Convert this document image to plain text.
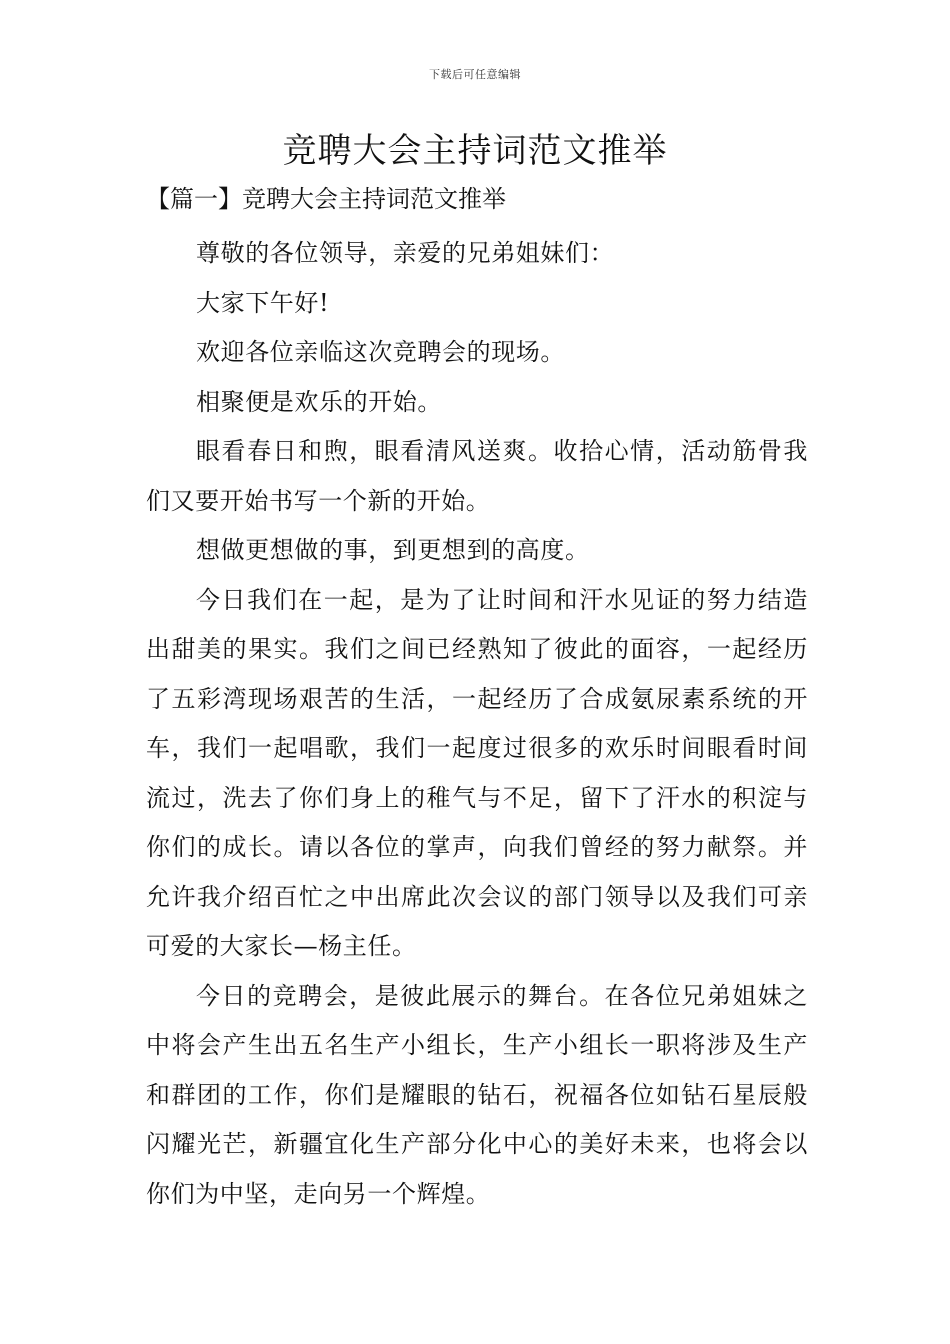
下载后可任意编辑
竞聘大会主持词范文推举

【篇一】竞聘大会主持词范文推举

尊敬的各位领导，亲爱的兄弟姐妹们：

大家下午好!

欢迎各位亲临这次竞聘会的现场。

相聚便是欢乐的开始。

眼看春日和煦，眼看清风送爽。收拾心情，活动筋骨我们又要开始书写一个新的开始。

想做更想做的事，到更想到的高度。

今日我们在一起，是为了让时间和汗水见证的努力结造出甜美的果实。我们之间已经熟知了彼此的面容，一起经历了五彩湾现场艰苦的生活，一起经历了合成氨尿素系统的开车，我们一起唱歌，我们一起度过很多的欢乐时间眼看时间流过，洗去了你们身上的稚气与不足，留下了汗水的积淀与你们的成长。请以各位的掌声，向我们曾经的努力献祭。并允许我介绍百忙之中出席此次会议的部门领导以及我们可亲可爱的大家长—杨主任。

今日的竞聘会，是彼此展示的舞台。在各位兄弟姐妹之中将会产生出五名生产小组长，生产小组长一职将涉及生产和群团的工作，你们是耀眼的钻石，祝福各位如钻石星辰般闪耀光芒，新疆宜化生产部分化中心的美好未来，也将会以你们为中坚，走向另一个辉煌。
